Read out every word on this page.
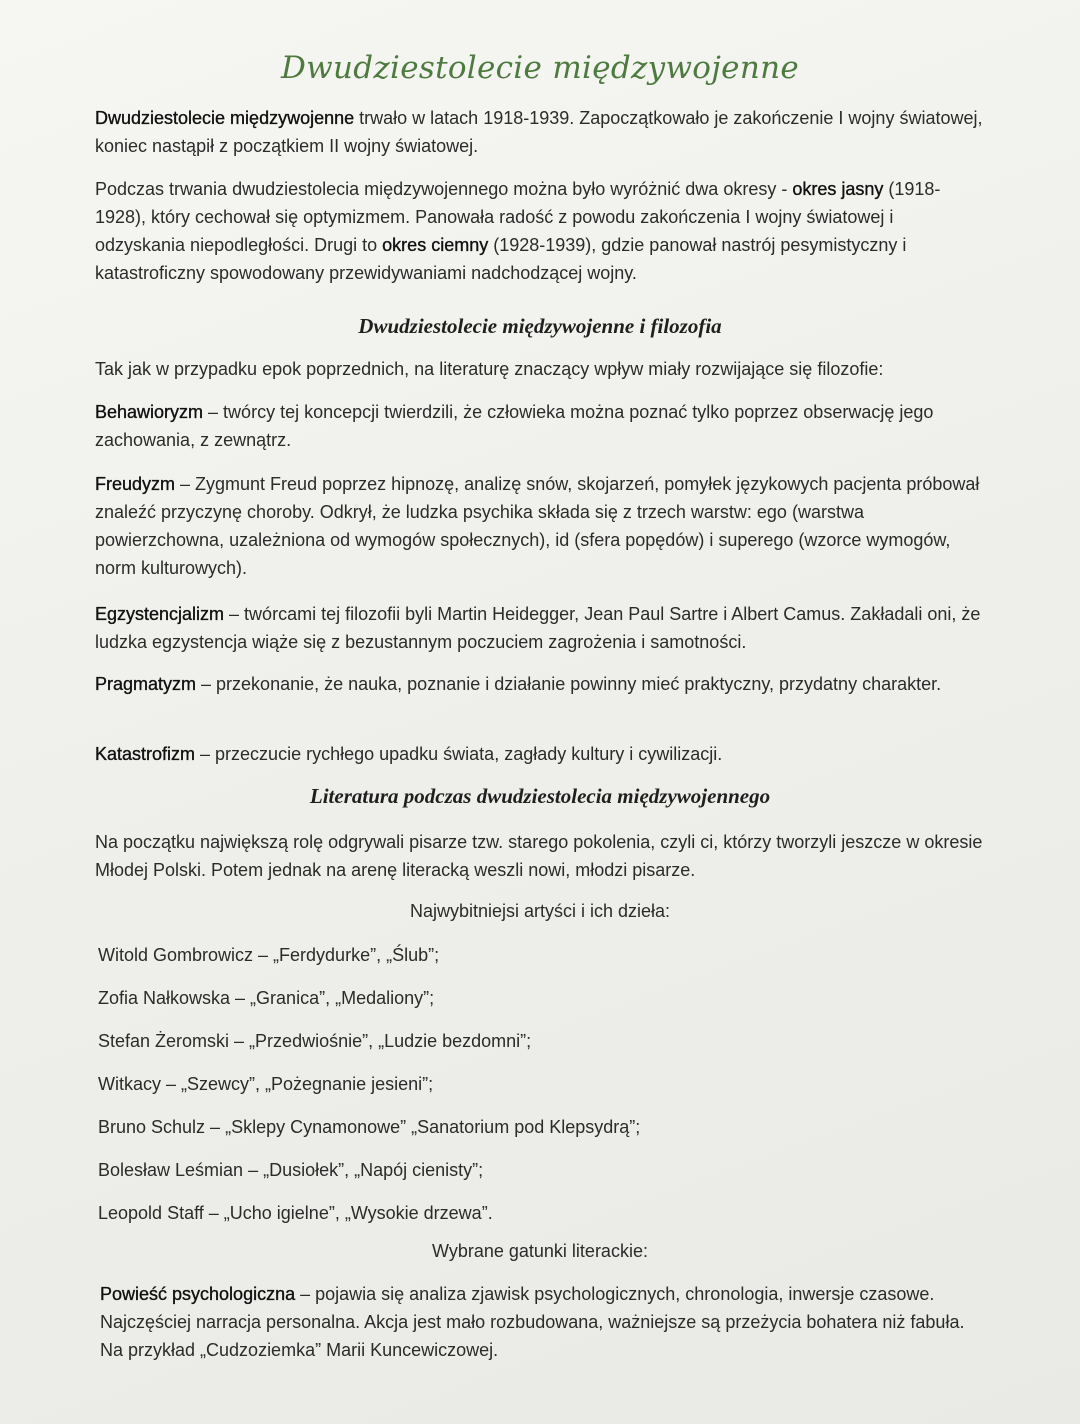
Dwudziestolecie międzywojenne

Dwudziestolecie międzywojenne trwało w latach 1918-1939. Zapoczątkowało je zakończenie I wojny światowej, koniec nastąpił z początkiem II wojny światowej.

Podczas trwania dwudziestolecia międzywojennego można było wyróżnić dwa okresy - okres jasny (1918-1928), który cechował się optymizmem. Panowała radość z powodu zakończenia I wojny światowej i odzyskania niepodległości. Drugi to okres ciemny (1928-1939), gdzie panował nastrój pesymistyczny i katastroficzny spowodowany przewidywaniami nadchodzącej wojny.

Dwudziestolecie międzywojenne i filozofia

Tak jak w przypadku epok poprzednich, na literaturę znaczący wpływ miały rozwijające się filozofie:

Behawioryzm – twórcy tej koncepcji twierdzili, że człowieka można poznać tylko poprzez obserwację jego zachowania, z zewnątrz.

Freudyzm – Zygmunt Freud poprzez hipnozę, analizę snów, skojarzeń, pomyłek językowych pacjenta próbował znaleźć przyczynę choroby. Odkrył, że ludzka psychika składa się z trzech warstw: ego (warstwa powierzchowna, uzależniona od wymogów społecznych), id (sfera popędów) i superego (wzorce wymogów, norm kulturowych).

Egzystencjalizm – twórcami tej filozofii byli Martin Heidegger, Jean Paul Sartre i Albert Camus. Zakładali oni, że ludzka egzystencja wiąże się z bezustannym poczuciem zagrożenia i samotności.

Pragmatyzm – przekonanie, że nauka, poznanie i działanie powinny mieć praktyczny, przydatny charakter.

Katastrofizm – przeczucie rychłego upadku świata, zagłady kultury i cywilizacji.

Literatura podczas dwudziestolecia międzywojennego

Na początku największą rolę odgrywali pisarze tzw. starego pokolenia, czyli ci, którzy tworzyli jeszcze w okresie Młodej Polski. Potem jednak na arenę literacką weszli nowi, młodzi pisarze.

Najwybitniejsi artyści i ich dzieła:
Witold Gombrowicz – „Ferdydurke”, „Ślub”;
Zofia Nałkowska – „Granica”, „Medaliony”;
Stefan Żeromski – „Przedwiośnie”, „Ludzie bezdomni”;
Witkacy – „Szewcy”, „Pożegnanie jesieni”;
Bruno Schulz – „Sklepy Cynamonowe” „Sanatorium pod Klepsydrą”;
Bolesław Leśmian – „Dusiołek”, „Napój cienisty”;
Leopold Staff – „Ucho igielne”, „Wysokie drzewa”.
Wybrane gatunki literackie:

Powieść psychologiczna – pojawia się analiza zjawisk psychologicznych, chronologia, inwersje czasowe. Najczęściej narracja personalna. Akcja jest mało rozbudowana, ważniejsze są przeżycia bohatera niż fabuła. Na przykład „Cudzoziemka” Marii Kuncewiczowej.
